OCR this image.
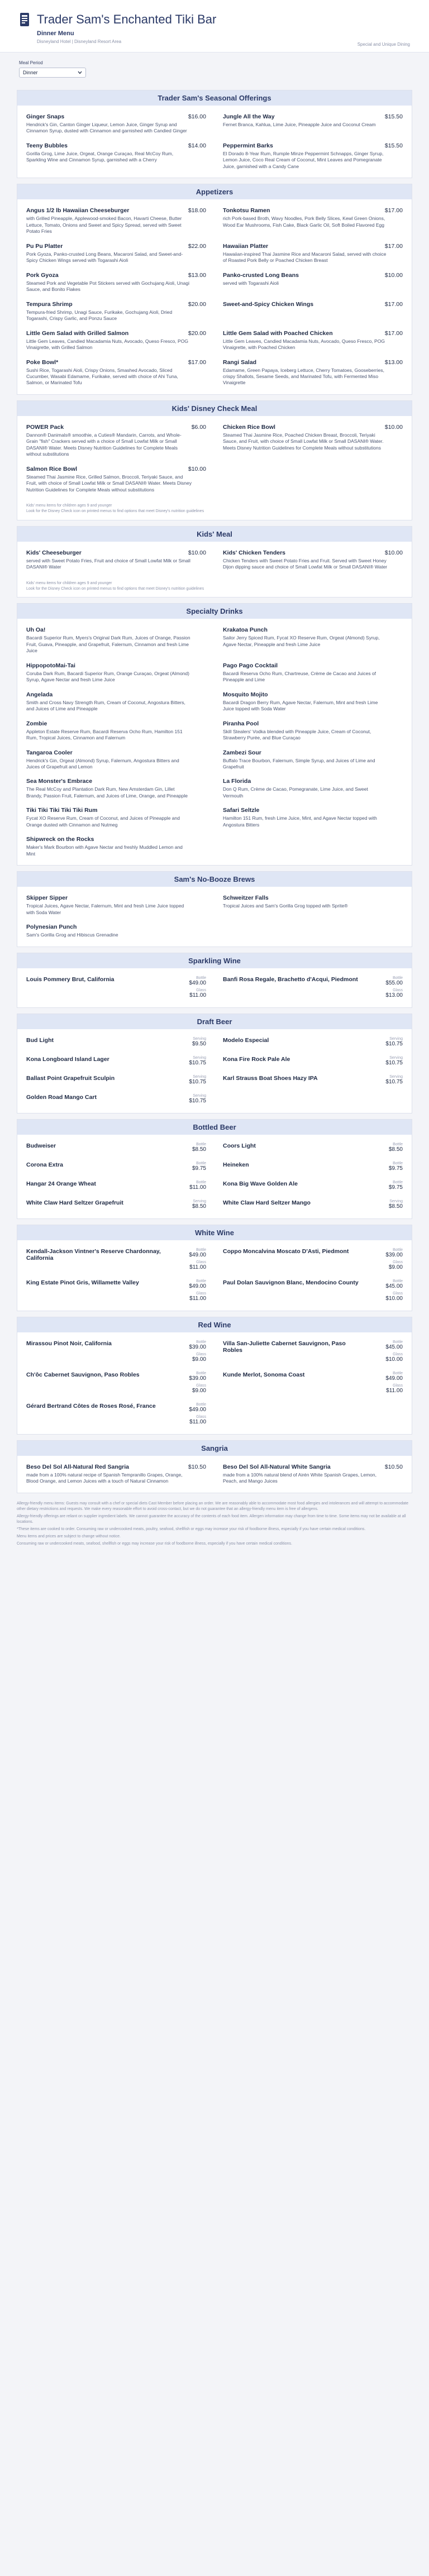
Trader Sam's Enchanted Tiki Bar
Dinner Menu
Disneyland Hotel | Disneyland Resort Area
Special and Unique Dining
Meal Period
Dinner
Trader Sam's Seasonal Offerings
Ginger Snaps	$16.00
Hendrick's Gin, Canton Ginger Liqueur, Lemon Juice, Ginger Syrup and Cinnamon Syrup, dusted with Cinnamon and garnished with Candied Ginger
Jungle All the Way	$15.50
Fernet Branca, Kahlua, Lime Juice, Pineapple Juice and Coconut Cream
Teeny Bubbles	$14.00
Gorilla Grog, Lime Juice, Orgeat, Orange Curaçao, Real McCoy Rum, Sparkling Wine and Cinnamon Syrup, garnished with a Cherry
Peppermint Barks	$15.50
El Dorado 8-Year Rum, Rumple Minze Peppermint Schnapps, Ginger Syrup, Lemon Juice, Coco Real Cream of Coconut, Mint Leaves and Pomegranate Juice, garnished with a Candy Cane
Appetizers
Angus 1/2 lb Hawaiian Cheeseburger	$18.00
with Grilled Pineapple, Applewood-smoked Bacon, Havarti Cheese, Butter Lettuce, Tomato, Onions and Sweet and Spicy Spread, served with Sweet Potato Fries
Tonkotsu Ramen	$17.00
rich Pork-based Broth, Wavy Noodles, Pork Belly Slices, Kewl Green Onions, Wood Ear Mushrooms, Fish Cake, Black Garlic Oil, Soft Boiled Flavored Egg
Pu Pu Platter	$22.00
Pork Gyoza, Panko-crusted Long Beans, Macaroni Salad, and Sweet-and-Spicy Chicken Wings served with Togarashi Aioli
Hawaiian Platter	$17.00
Hawaiian-inspired Thai Jasmine Rice and Macaroni Salad, served with choice of Roasted Pork Belly or Poached Chicken Breast
Pork Gyoza	$13.00
Steamed Pork and Vegetable Pot Stickers served with Gochujang Aioli, Unagi Sauce, and Bonito Flakes
Panko-crusted Long Beans	$10.00
served with Togarashi Aioli
Tempura Shrimp	$20.00
Tempura-fried Shrimp, Unagi Sauce, Furikake, Gochujang Aioli, Dried Togarashi, Crispy Garlic, and Ponzu Sauce
Sweet-and-Spicy Chicken Wings	$17.00
Little Gem Salad with Grilled Salmon	$20.00
Little Gem Leaves, Candied Macadamia Nuts, Avocado, Queso Fresco, POG Vinaigrette, with Grilled Salmon
Little Gem Salad with Poached Chicken	$17.00
Little Gem Leaves, Candied Macadamia Nuts, Avocado, Queso Fresco, POG Vinaigrette, with Poached Chicken
Poke Bowl*	$17.00
Sushi Rice, Togarashi Aioli, Crispy Onions, Smashed Avocado, Sliced Cucumber, Wasabi Edamame, Furikake, served with choice of Ahi Tuna, Salmon, or Marinated Tofu
Rangi Salad	$13.00
Edamame, Green Papaya, Iceberg Lettuce, Cherry Tomatoes, Gooseberries, crispy Shallots, Sesame Seeds, and Marinated Tofu, with Fermented Miso Vinaigrette
Kids' Disney Check Meal
POWER Pack	$6.00
Dannon® Danimals® smoothie, a Cuties® Mandarin, Carrots, and Whole-Grain "fish" Crackers served with a choice of Small Lowfat Milk or Small DASANI® Water. Meets Disney Nutrition Guidelines for Complete Meals without substitutions
Chicken Rice Bowl	$10.00
Steamed Thai Jasmine Rice, Poached Chicken Breast, Broccoli, Teriyaki Sauce, and Fruit, with choice of Small Lowfat Milk or Small DASANI® Water. Meets Disney Nutrition Guidelines for Complete Meals without substitutions
Salmon Rice Bowl	$10.00
Steamed Thai Jasmine Rice, Grilled Salmon, Broccoli, Teriyaki Sauce, and Fruit, with choice of Small Lowfat Milk or Small DASANI® Water. Meets Disney Nutrition Guidelines for Complete Meals without substitutions
Kids' menu items for children ages 9 and younger
Look for the Disney Check icon on printed menus to find options that meet Disney's nutrition guidelines
Kids' Meal
Kids' Cheeseburger	$10.00
served with Sweet Potato Fries, Fruit and choice of Small Lowfat Milk or Small DASANI® Water
Kids' Chicken Tenders	$10.00
Chicken Tenders with Sweet Potato Fries and Fruit. Served with Sweet Honey Dijon dipping sauce and choice of Small Lowfat Milk or Small DASANI® Water
Kids' menu items for children ages 9 and younger
Look for the Disney Check icon on printed menus to find options that meet Disney's nutrition guidelines
Specialty Drinks
Uh Oa!
Bacardi Superior Rum, Myers's Original Dark Rum, Juices of Orange, Passion Fruit, Guava, Pineapple, and Grapefruit, Falernum, Cinnamon and fresh Lime Juice
Krakatoa Punch
Sailor Jerry Spiced Rum, Fycat XO Reserve Rum, Orgeat (Almond) Syrup, Agave Nectar, Pineapple and fresh Lime Juice
HippopotoMai-Tai
Coruba Dark Rum, Bacardi Superior Rum, Orange Curaçao, Orgeat (Almond) Syrup, Agave Nectar and fresh Lime Juice
Pago Pago Cocktail
Bacardi Reserva Ocho Rum, Chartreuse, Crème de Cacao and Juices of Pineapple and Lime
Angelada
Smith and Cross Navy Strength Rum, Cream of Coconut, Angostura Bitters, and Juices of Lime and Pineapple
Mosquito Mojito
Bacardi Dragon Berry Rum, Agave Nectar, Falernum, Mint and fresh Lime Juice topped with Soda Water
Zombie
Appleton Estate Reserve Rum, Bacardi Reserva Ocho Rum, Hamilton 151 Rum, Tropical Juices, Cinnamon and Falernum
Piranha Pool
Skill Stealers' Vodka blended with Pineapple Juice, Cream of Coconut, Strawberry Purée, and Blue Curaçao
Tangaroa Cooler
Hendrick's Gin, Orgeat (Almond) Syrup, Falernum, Angostura Bitters and Juices of Grapefruit and Lemon
Zambezi Sour
Buffalo Trace Bourbon, Falernum, Simple Syrup, and Juices of Lime and Grapefruit
Sea Monster's Embrace
The Real McCoy and Plantation Dark Rum, New Amsterdam Gin, Lillet Brandy, Passion Fruit, Falernum, and Juices of Lime, Orange, and Pineapple
La Florida
Don Q Rum, Crème de Cacao, Pomegranate, Lime Juice, and Sweet Vermouth
Tiki Tiki Tiki Tiki Tiki Rum
Fycat XO Reserve Rum, Cream of Coconut, and Juices of Pineapple and Orange dusted with Cinnamon and Nutmeg
Safari Seltzle
Hamilton 151 Rum, fresh Lime Juice, Mint, and Agave Nectar topped with Angostura Bitters
Shipwreck on the Rocks
Maker's Mark Bourbon with Agave Nectar and freshly Muddled Lemon and Mint
Sam's No-Booze Brews
Skipper Sipper
Tropical Juices, Agave Nectar, Falernum, Mint and fresh Lime Juice topped with Soda Water
Schweitzer Falls
Tropical Juices and Sam's Gorilla Grog topped with Sprite®
Polynesian Punch
Sam's Gorilla Grog and Hibiscus Grenadine
Sparkling Wine
Louis Pommery Brut, California	Bottle
$49.00
Glass
$11.00
Banfi Rosa Regale, Brachetto d'Acqui, Piedmont	Bottle
$55.00
Glass
$13.00
Draft Beer
Bud Light	Serving
$9.50
Modelo Especial	Serving
$10.75
Kona Longboard Island Lager	Serving
$10.75
Kona Fire Rock Pale Ale	Serving
$10.75
Ballast Point Grapefruit Sculpin	Serving
$10.75
Karl Strauss Boat Shoes Hazy IPA	Serving
$10.75
Golden Road Mango Cart	Serving
$10.75
Bottled Beer
Budweiser	Bottle
$8.50
Coors Light	Bottle
$8.50
Corona Extra	Bottle
$9.75
Heineken	Bottle
$9.75
Hangar 24 Orange Wheat	Bottle
$11.00
Kona Big Wave Golden Ale	Bottle
$9.75
White Claw Hard Seltzer Grapefruit	Serving
$8.50
White Claw Hard Seltzer Mango	Serving
$8.50
White Wine
Kendall-Jackson Vintner's Reserve Chardonnay, California
Bottle
$49.00
Glass
$11.00
Coppo Moncalvina Moscato D'Asti, Piedmont	Bottle
$39.00
Glass
$9.00
King Estate Pinot Gris, Willamette Valley	Bottle
$49.00
Glass
$11.00
Paul Dolan Sauvignon Blanc, Mendocino County	Bottle
$45.00
Glass
$10.00
Red Wine
Mirassou Pinot Noir, California	Bottle
$39.00
Glass
$9.00
Villa San-Juliette Cabernet Sauvignon, Paso Robles
Bottle
$45.00
Glass
$10.00
Ch'ôc Cabernet Sauvignon, Paso Robles	Bottle
$39.00
Glass
$9.00
Kunde Merlot, Sonoma Coast	Bottle
$49.00
Glass
$11.00
Gérard Bertrand Côtes de Roses Rosé, France	Bottle
$49.00
Glass
$11.00
Sangria
Beso Del Sol All-Natural Red Sangria	$10.50
made from a 100% natural recipe of Spanish Tempranillo Grapes, Orange, Blood Orange, and Lemon Juices with a touch of Natural Cinnamon
Beso Del Sol All-Natural White Sangria	$10.50
made from a 100% natural blend of Airén White Spanish Grapes, Lemon, Peach, and Mango Juices
Allergy-friendly menu items: Guests may consult with a chef or special diets Cast Member before placing an order. We are reasonably able to accommodate most food allergies and intolerances and will attempt to accommodate other dietary restrictions and requests. We make every reasonable effort to avoid cross-contact, but we do not guarantee that an allergy-friendly menu item is free of allergens.
Allergy-friendly offerings are reliant on supplier ingredient labels. We cannot guarantee the accuracy of the contents of each food item. Allergen information may change from time to time. Some items may not be available at all locations.
*These items are cooked to order. Consuming raw or undercooked meats, poultry, seafood, shellfish or eggs may increase your risk of foodborne illness, especially if you have certain medical conditions.
Menu items and prices are subject to change without notice.
Consuming raw or undercooked meats, seafood, shellfish or eggs may increase your risk of foodborne illness, especially if you have certain medical conditions.
